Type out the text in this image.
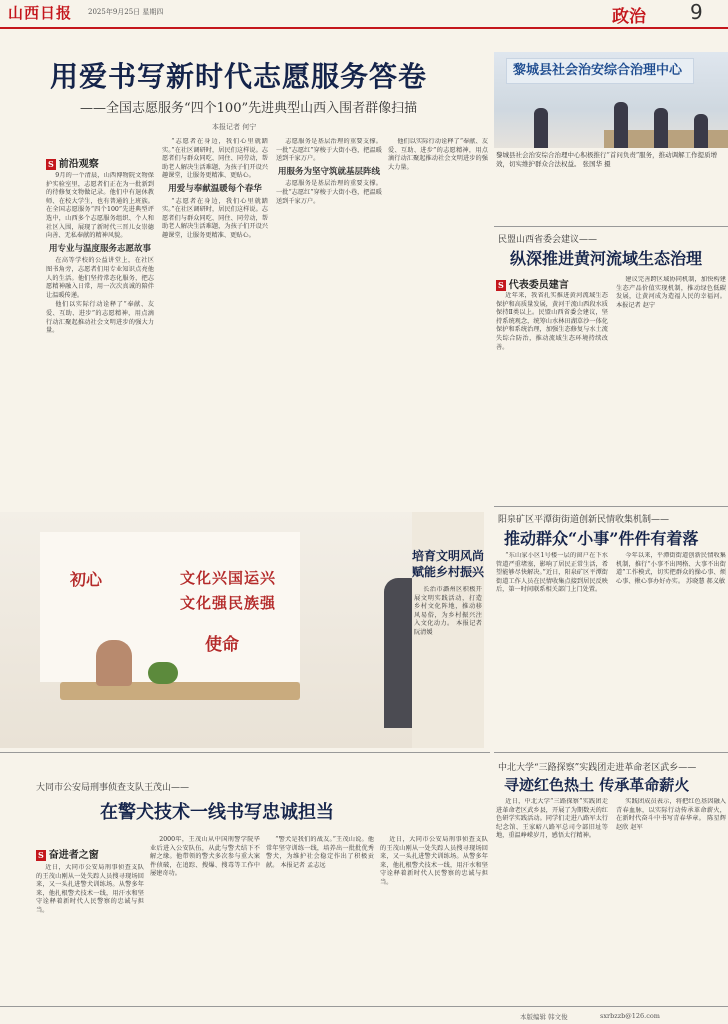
山西日报 2025年9月25日 星期四	政治 9
用爱书写新时代志愿服务答卷
——全国志愿服务“四个100”先进典型山西入围者群像扫描
本报记者 何宁
黎城县社会治安综合治理中心
黎城县社会治安综合治理中心积极推行“首问负责”服务，推动调解工作提质增效，切实维护群众合法权益。 张国华 摄
S 前沿观察

9月的一个清晨，山西博物院文物保护实验室里，志愿者们正在为一批新到的待修复文物做记录。他们中有退休教师、在校大学生，也有普通的上班族。在全国志愿服务“四个100”先进典型评选中，山西多个志愿服务组织、个人和社区入围，展现了新时代三晋儿女崇德向善、无私奉献的精神风貌。

用专业与温度服务志愿故事

在高等学校的公益讲堂上，在社区图书角旁，志愿者们用专业知识点亮他人的生活。他们坚持常态化服务，把志愿精神融入日常，用一次次真诚的陪伴让温暖传递。

他们以实际行动诠释了“奉献、友爱、互助、进步”的志愿精神，用点滴行动汇聚起推动社会文明进步的强大力量。

“志愿者在身边，我们心里就踏实。”在社区调研时，居民们这样说。志愿者们与群众同吃、同住、同劳动，帮助老人解决生活难题，为孩子们开设兴趣课堂，让服务更精准、更贴心。

用爱与奉献温暖每个春华

“志愿者在身边，我们心里就踏实。”在社区调研时，居民们这样说。志愿者们与群众同吃、同住、同劳动，帮助老人解决生活难题，为孩子们开设兴趣课堂，让服务更精准、更贴心。

志愿服务是基层治理的重要支撑。一批“志愿红”穿梭于大街小巷，把温暖送到千家万户。

用服务为坚守筑就基层阵线

志愿服务是基层治理的重要支撑。一批“志愿红”穿梭于大街小巷，把温暖送到千家万户。

他们以实际行动诠释了“奉献、友爱、互助、进步”的志愿精神，用点滴行动汇聚起推动社会文明进步的强大力量。

民盟山西省委会建议——
纵深推进黄河流域生态治理
S 代表委员建言

近年来，我省扎实推进黄河流域生态保护和高质量发展，黄河干流山西段水质保持Ⅱ类以上。民盟山西省委会建议，坚持系统观念，统筹山水林田湖草沙一体化保护和系统治理，加强生态修复与水土流失综合防治，推动流域生态环境持续改善。

建议完善跨区域协同机制，加快构建生态产品价值实现机制，推动绿色低碳发展，让黄河成为造福人民的幸福河。 本报记者 赵宁

初心	文化兴国运兴 文化强民族强
使命
培育文明风尚 赋能乡村振兴

长治市潞州区积极开展文明实践活动，打造乡村文化阵地，推动移风易俗，为乡村振兴注入文化动力。 本报记者 阮清媛

阳泉矿区平潭街街道创新民情收集机制——
推动群众“小事”件件有着落

“东山家小区1号楼一层的窗户在下水管道严重堵塞，影响了居民正常生活，希望能够尽快解决。”近日，阳泉矿区平潭街街道工作人员在民情收集点接到居民反映后，第一时间联系相关部门上门处置。

今年以来，平潭街街道创新民情收集机制，推行“小事不出网格、大事不出街道”工作模式，切实把群众的操心事、烦心事、揪心事办好办实。 苏晓慧 郝义敏

大同市公安局刑事侦查支队王茂山——
在警犬技术一线书写忠诚担当
S 奋进者之窗

近日，大同市公安局刑事侦查支队的王茂山刚从一处失踪人员搜寻现场回来，又一头扎进警犬训练场。从警多年来，他扎根警犬技术一线，用汗水和坚守诠释着新时代人民警察的忠诚与担当。

2000年，王茂山从中国刑警学院毕业后进入公安队伍，从此与警犬结下不解之缘。他带领的警犬多次参与重大案件侦破，在追踪、搜爆、搜毒等工作中屡建奇功。

“警犬是我们的战友。”王茂山说。他常年坚守训练一线，培养出一批批优秀警犬，为维护社会稳定作出了积极贡献。 本报记者 孟志远

近日，大同市公安局刑事侦查支队的王茂山刚从一处失踪人员搜寻现场回来，又一头扎进警犬训练场。从警多年来，他扎根警犬技术一线，用汗水和坚守诠释着新时代人民警察的忠诚与担当。

中北大学“三路探察”实践团走进革命老区武乡——
寻迹红色热土 传承革命薪火

近日，中北大学“三路探察”实践团走进革命老区武乡县，开展了为期数天的红色研学实践活动。同学们走进八路军太行纪念馆、王家峪八路军总司令部旧址等地，重温峥嵘岁月，感悟太行精神。

实践团成员表示，将把红色基因融入青春血脉，以实际行动传承革命薪火，在新时代奋斗中书写青春华章。 陈星辉 赵欣 赵军

本版编辑 韩文俊	sxrbzzb@126.com
